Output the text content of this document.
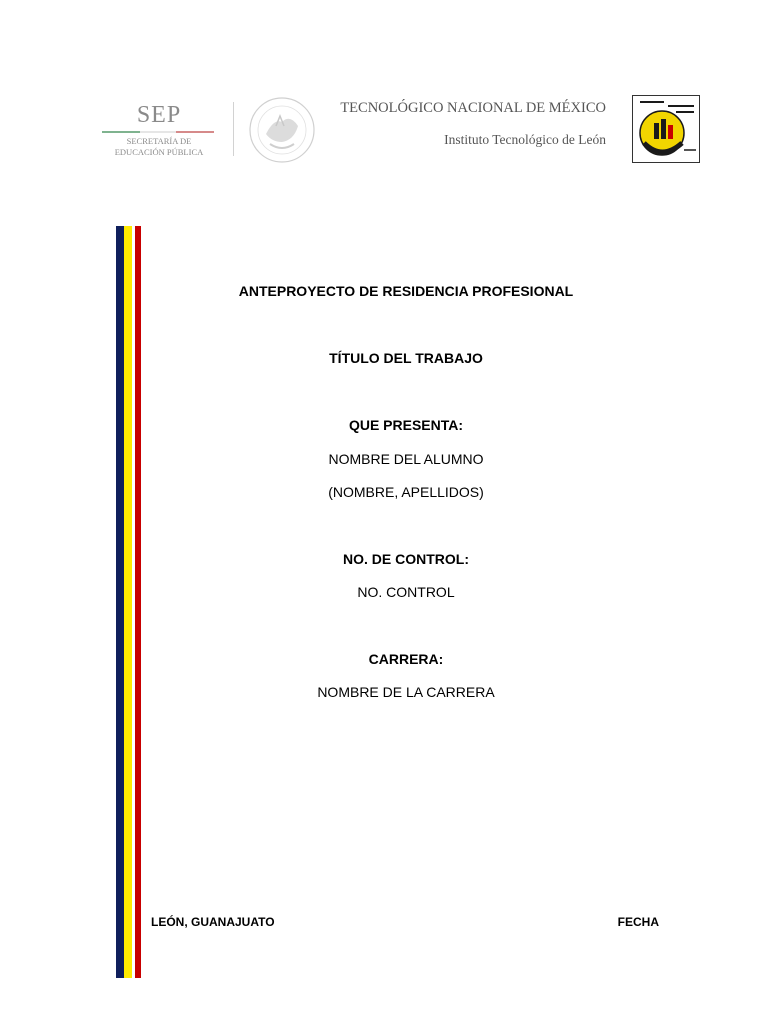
SEP
SECRETARÍA DE
EDUCACIÓN PÚBLICA
TECNOLÓGICO NACIONAL DE MÉXICO
Instituto Tecnológico de León
ANTEPROYECTO DE RESIDENCIA PROFESIONAL
TÍTULO DEL TRABAJO
QUE PRESENTA:
NOMBRE DEL ALUMNO
(NOMBRE, APELLIDOS)
NO. DE CONTROL:
NO. CONTROL
CARRERA:
NOMBRE DE LA CARRERA
LEÓN, GUANAJUATO	FECHA
